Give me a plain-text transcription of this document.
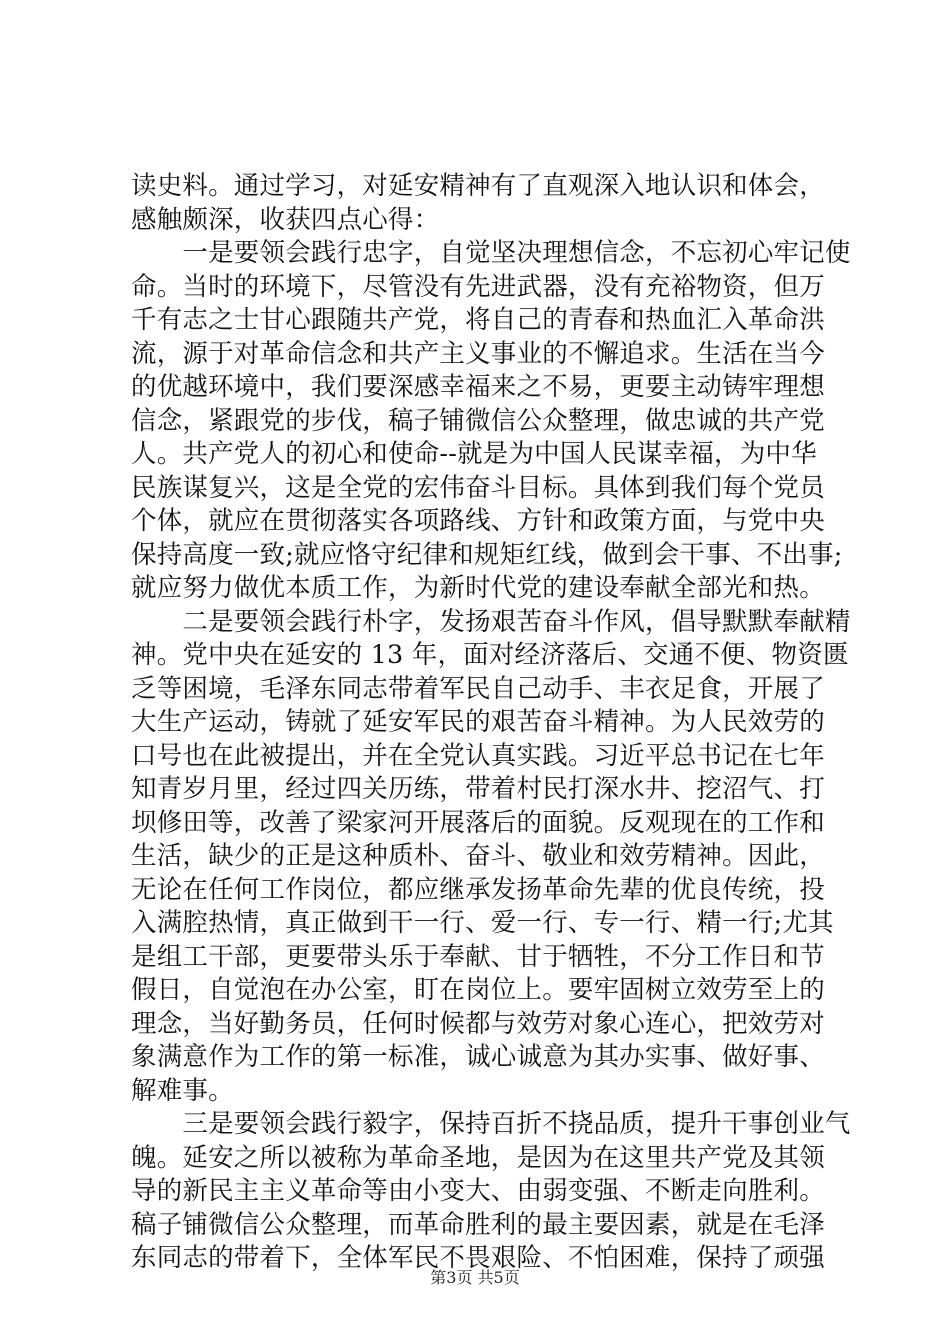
读史料。通过学习，对延安精神有了直观深入地认识和体会，
感触颇深，收获四点心得：
　　一是要领会践行忠字，自觉坚决理想信念，不忘初心牢记使
命。当时的环境下，尽管没有先进武器，没有充裕物资，但万
千有志之士甘心跟随共产党，将自己的青春和热血汇入革命洪
流，源于对革命信念和共产主义事业的不懈追求。生活在当今
的优越环境中，我们要深感幸福来之不易，更要主动铸牢理想
信念，紧跟党的步伐，稿子铺微信公众整理，做忠诚的共产党
人。共产党人的初心和使命--就是为中国人民谋幸福，为中华
民族谋复兴，这是全党的宏伟奋斗目标。具体到我们每个党员
个体，就应在贯彻落实各项路线、方针和政策方面，与党中央
保持高度一致;就应恪守纪律和规矩红线，做到会干事、不出事;
就应努力做优本质工作，为新时代党的建设奉献全部光和热。
　　二是要领会践行朴字，发扬艰苦奋斗作风，倡导默默奉献精
神。党中央在延安的 13 年，面对经济落后、交通不便、物资匮
乏等困境，毛泽东同志带着军民自己动手、丰衣足食，开展了
大生产运动，铸就了延安军民的艰苦奋斗精神。为人民效劳的
口号也在此被提出，并在全党认真实践。习近平总书记在七年
知青岁月里，经过四关历练，带着村民打深水井、挖沼气、打
坝修田等，改善了梁家河开展落后的面貌。反观现在的工作和
生活，缺少的正是这种质朴、奋斗、敬业和效劳精神。因此，
无论在任何工作岗位，都应继承发扬革命先辈的优良传统，投
入满腔热情，真正做到干一行、爱一行、专一行、精一行;尤其
是组工干部，更要带头乐于奉献、甘于牺牲，不分工作日和节
假日，自觉泡在办公室，盯在岗位上。要牢固树立效劳至上的
理念，当好勤务员，任何时候都与效劳对象心连心，把效劳对
象满意作为工作的第一标准，诚心诚意为其办实事、做好事、
解难事。
　　三是要领会践行毅字，保持百折不挠品质，提升干事创业气
魄。延安之所以被称为革命圣地，是因为在这里共产党及其领
导的新民主主义革命等由小变大、由弱变强、不断走向胜利。
稿子铺微信公众整理，而革命胜利的最主要因素，就是在毛泽
东同志的带着下，全体军民不畏艰险、不怕困难，保持了顽强
第3页 共5页
